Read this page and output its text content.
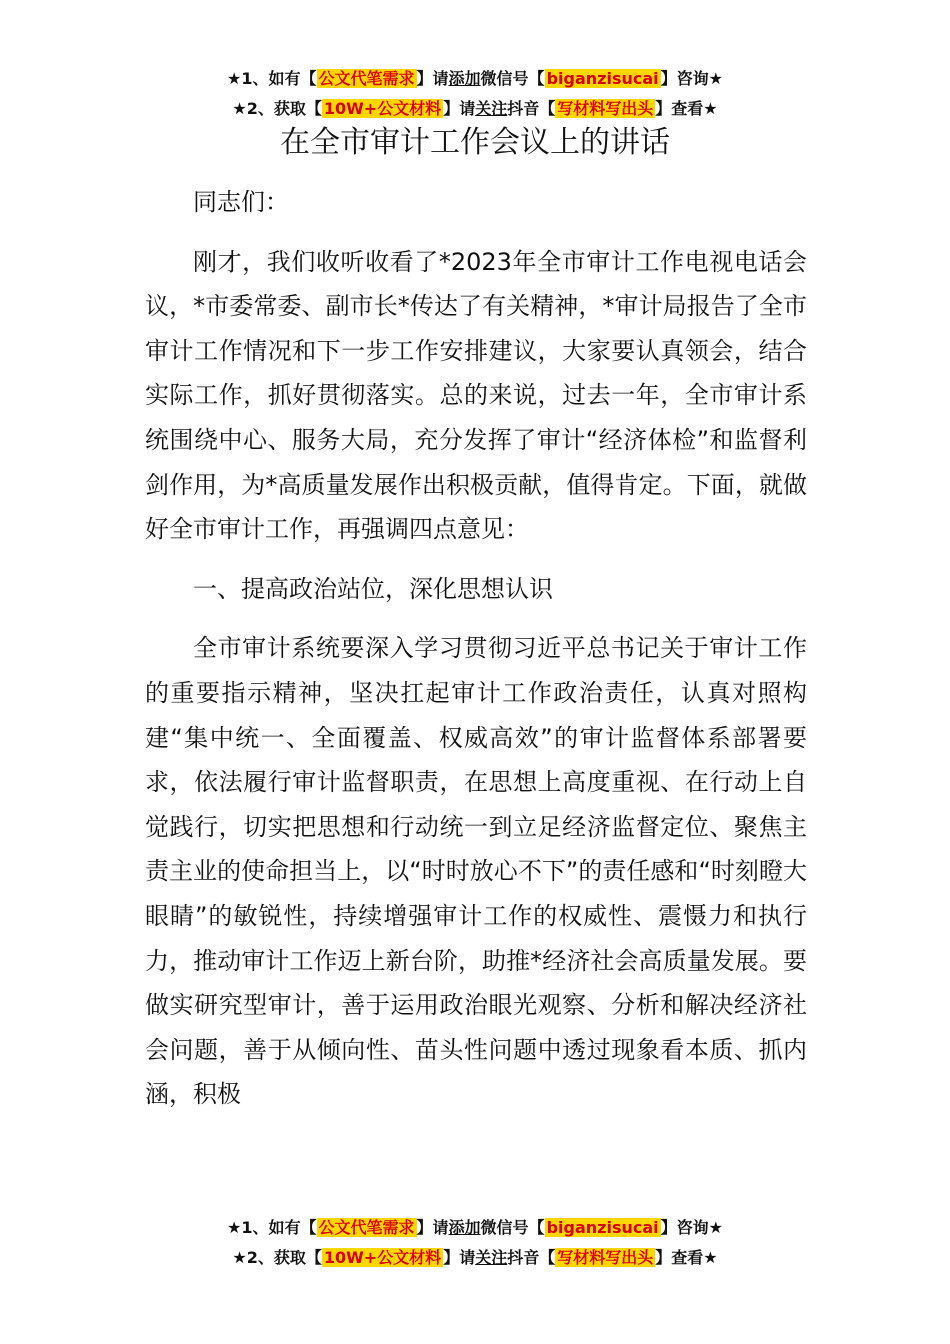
★1、如有【 公文代笔需求 】请添加微信号【 biganzisucai 】咨询★
★2、获取【 10W+公文材料 】请关注抖音【 写材料写出头 】查看★
在全市审计工作会议上的讲话

同志们：

刚才，我们收听收看了*2023年全市审计工作电视电话会议，*市委常委、副市长*传达了有关精神，*审计局报告了全市审计工作情况和下一步工作安排建议，大家要认真领会，结合实际工作，抓好贯彻落实。总的来说，过去一年，全市审计系统围绕中心、服务大局，充分发挥了审计“经济体检”和监督利剑作用，为*高质量发展作出积极贡献，值得肯定。下面，就做好全市审计工作，再强调四点意见：

一、提高政治站位，深化思想认识

全市审计系统要深入学习贯彻习近平总书记关于审计工作的重要指示精神，坚决扛起审计工作政治责任，认真对照构建“集中统一、全面覆盖、权威高效”的审计监督体系部署要求，依法履行审计监督职责，在思想上高度重视、在行动上自觉践行，切实把思想和行动统一到立足经济监督定位、聚焦主责主业的使命担当上，以“时时放心不下”的责任感和“时刻瞪大眼睛”的敏锐性，持续增强审计工作的权威性、震慑力和执行力，推动审计工作迈上新台阶，助推*经济社会高质量发展。要做实研究型审计，善于运用政治眼光观察、分析和解决经济社会问题，善于从倾向性、苗头性问题中透过现象看本质、抓内涵，积极

★1、如有【 公文代笔需求 】请添加微信号【 biganzisucai 】咨询★
★2、获取【 10W+公文材料 】请关注抖音【 写材料写出头 】查看★
